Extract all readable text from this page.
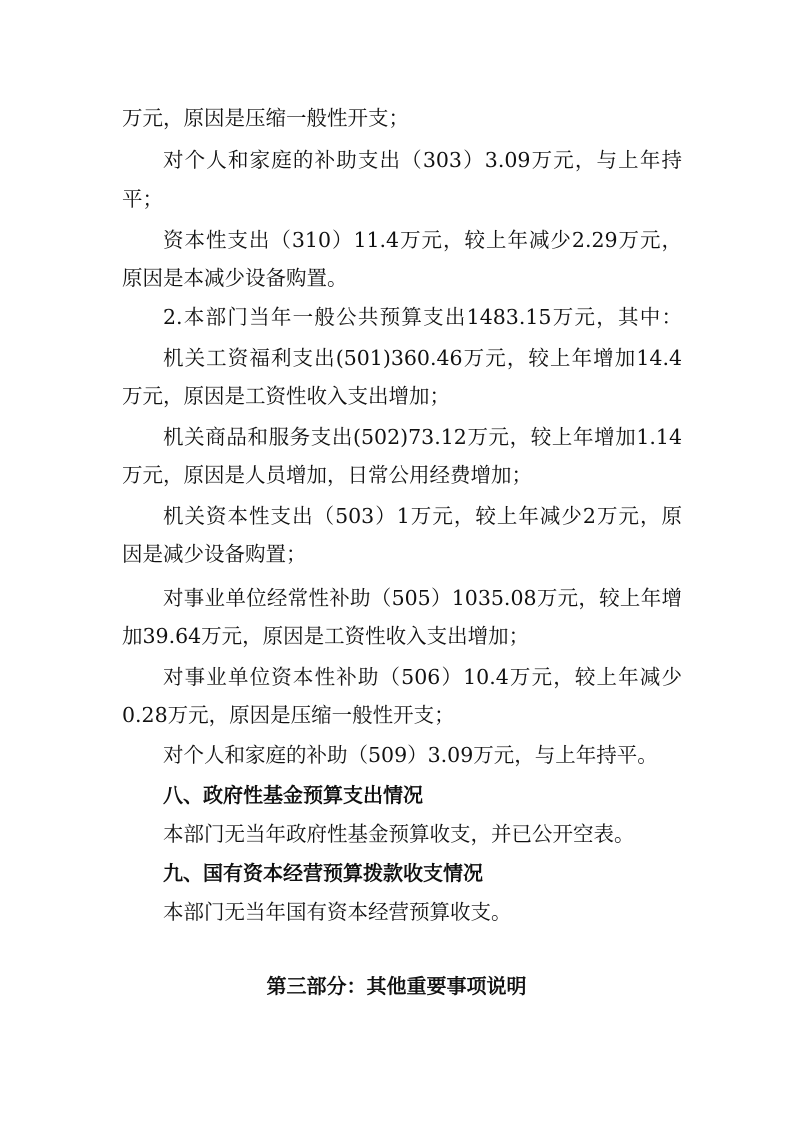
万元，原因是压缩一般性开支；
对个人和家庭的补助支出（303）3.09万元，与上年持
平；
资本性支出（310）11.4万元，较上年减少2.29万元，
原因是本减少设备购置。
2.本部门当年一般公共预算支出1483.15万元，其中：
机关工资福利支出(501)360.46万元，较上年增加14.4
万元，原因是工资性收入支出增加；
机关商品和服务支出(502)73.12万元，较上年增加1.14
万元，原因是人员增加，日常公用经费增加；
机关资本性支出（503）1万元，较上年减少2万元，原
因是减少设备购置；
对事业单位经常性补助（505）1035.08万元，较上年增
加39.64万元，原因是工资性收入支出增加；
对事业单位资本性补助（506）10.4万元，较上年减少
0.28万元，原因是压缩一般性开支；
对个人和家庭的补助（509）3.09万元，与上年持平。
八、政府性基金预算支出情况
本部门无当年政府性基金预算收支，并已公开空表。
九、国有资本经营预算拨款收支情况
本部门无当年国有资本经营预算收支。
第三部分：其他重要事项说明
